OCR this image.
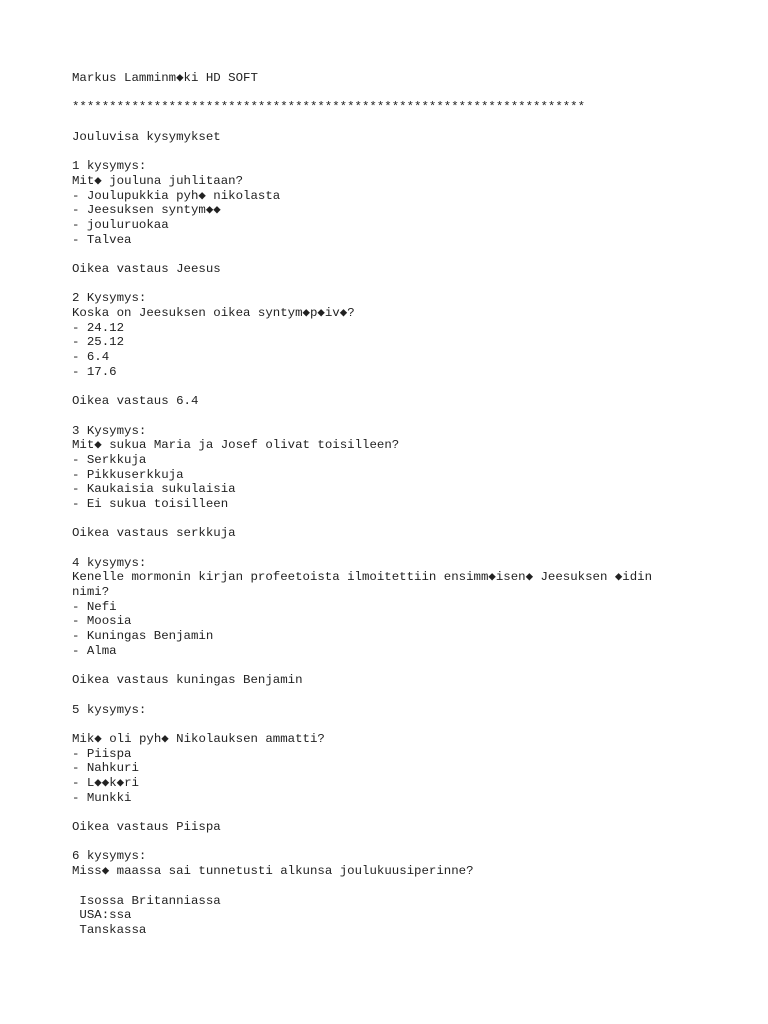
Markus Lamminm◆ki HD SOFT
*********************************************************************
Jouluvisa kysymykset
1 kysymys:
Mit◆ jouluna juhlitaan?
- Joulupukkia pyh◆ nikolasta
- Jeesuksen syntym◆◆
- jouluruokaa
- Talvea
Oikea vastaus Jeesus
2 Kysymys:
Koska on Jeesuksen oikea syntym◆p◆iv◆?
- 24.12
- 25.12
- 6.4
- 17.6
Oikea vastaus 6.4
3 Kysymys:
Mit◆ sukua Maria ja Josef olivat toisilleen?
- Serkkuja
- Pikkuserkkuja
- Kaukaisia sukulaisia
- Ei sukua toisilleen
Oikea vastaus serkkuja
4 kysymys:
Kenelle mormonin kirjan profeetoista ilmoitettiin ensimm◆isen◆ Jeesuksen ◆idin
nimi?
- Nefi
- Moosia
- Kuningas Benjamin
- Alma
Oikea vastaus kuningas Benjamin
5 kysymys:
Mik◆ oli pyh◆ Nikolauksen ammatti?
- Piispa
- Nahkuri
- L◆◆k◆ri
- Munkki
Oikea vastaus Piispa
6 kysymys:
Miss◆ maassa sai tunnetusti alkunsa joulukuusiperinne?
Isossa Britanniassa
USA:ssa
Tanskassa
